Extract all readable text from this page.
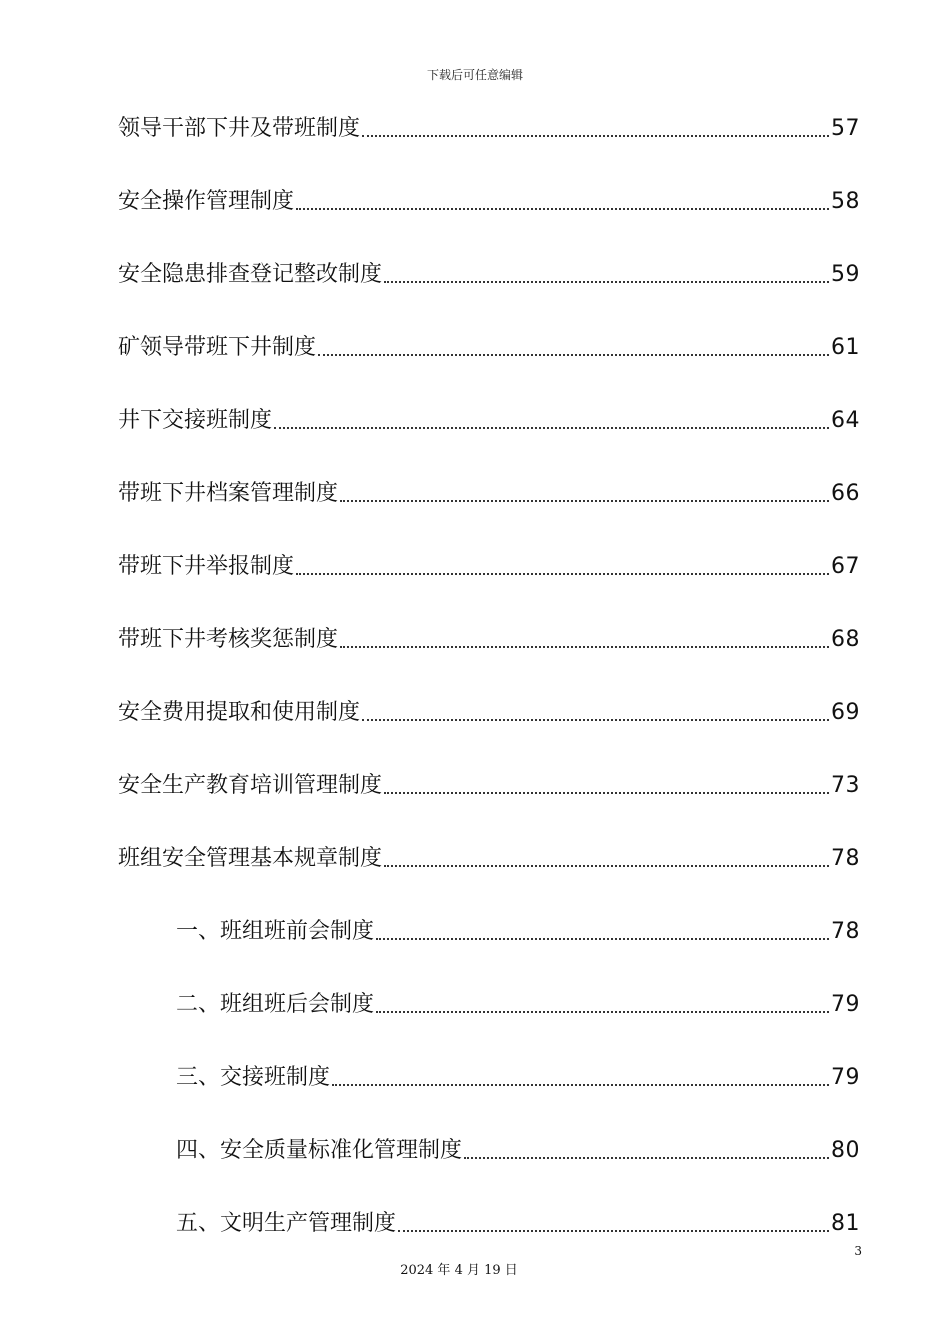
下载后可任意编辑
领导干部下井及带班制度	57
安全操作管理制度	58
安全隐患排查登记整改制度	59
矿领导带班下井制度	61
井下交接班制度	64
带班下井档案管理制度	66
带班下井举报制度	67
带班下井考核奖惩制度	68
安全费用提取和使用制度	69
安全生产教育培训管理制度	73
班组安全管理基本规章制度	78
一、班组班前会制度	78
二、班组班后会制度	79
三、交接班制度	79
四、安全质量标准化管理制度	80
五、文明生产管理制度	81
3
2024 年 4 月 19 日
